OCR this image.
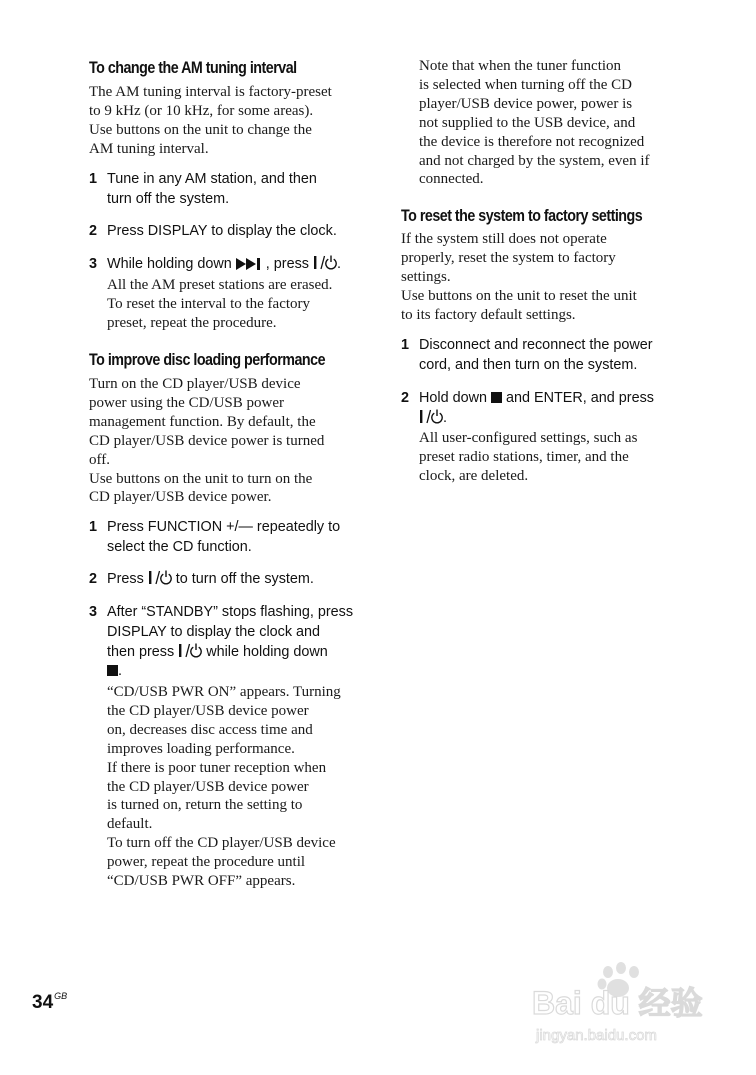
To change the AM tuning interval
The AM tuning interval is factory-preset
to 9 kHz (or 10 kHz, for some areas).
Use buttons on the unit to change the
AM tuning interval.
1 Tune in any AM station, and then
turn off the system.
2 Press DISPLAY to display the clock.
3 While holding down , press .
All the AM preset stations are erased.
To reset the interval to the factory
preset, repeat the procedure.
To improve disc loading performance
Turn on the CD player/USB device
power using the CD/USB power
management function. By default, the
CD player/USB device power is turned
off.
Use buttons on the unit to turn on the
CD player/USB device power.
1 Press FUNCTION +/— repeatedly to
select the CD function.
2 Press  to turn off the system.
3 After “STANDBY” stops flashing, press
DISPLAY to display the clock and
then press  while holding down
.
“CD/USB PWR ON” appears. Turning
the CD player/USB device power
on, decreases disc access time and
improves loading performance.
If there is poor tuner reception when
the CD player/USB device power
is turned on, return the setting to
default.
To turn off the CD player/USB device
power, repeat the procedure until
“CD/USB PWR OFF” appears.
Note that when the tuner function
is selected when turning off the CD
player/USB device power, power is
not supplied to the USB device, and
the device is therefore not recognized
and not charged by the system, even if
connected.
To reset the system to factory settings
If the system still does not operate
properly, reset the system to factory
settings.
Use buttons on the unit to reset the unit
to its factory default settings.
1 Disconnect and reconnect the power
cord, and then turn on the system.
2 Hold down  and ENTER, and press
.
All user-configured settings, such as
preset radio stations, timer, and the
clock, are deleted.
$34^{GB}$	Bai du 经验
jingyan.baidu.com
